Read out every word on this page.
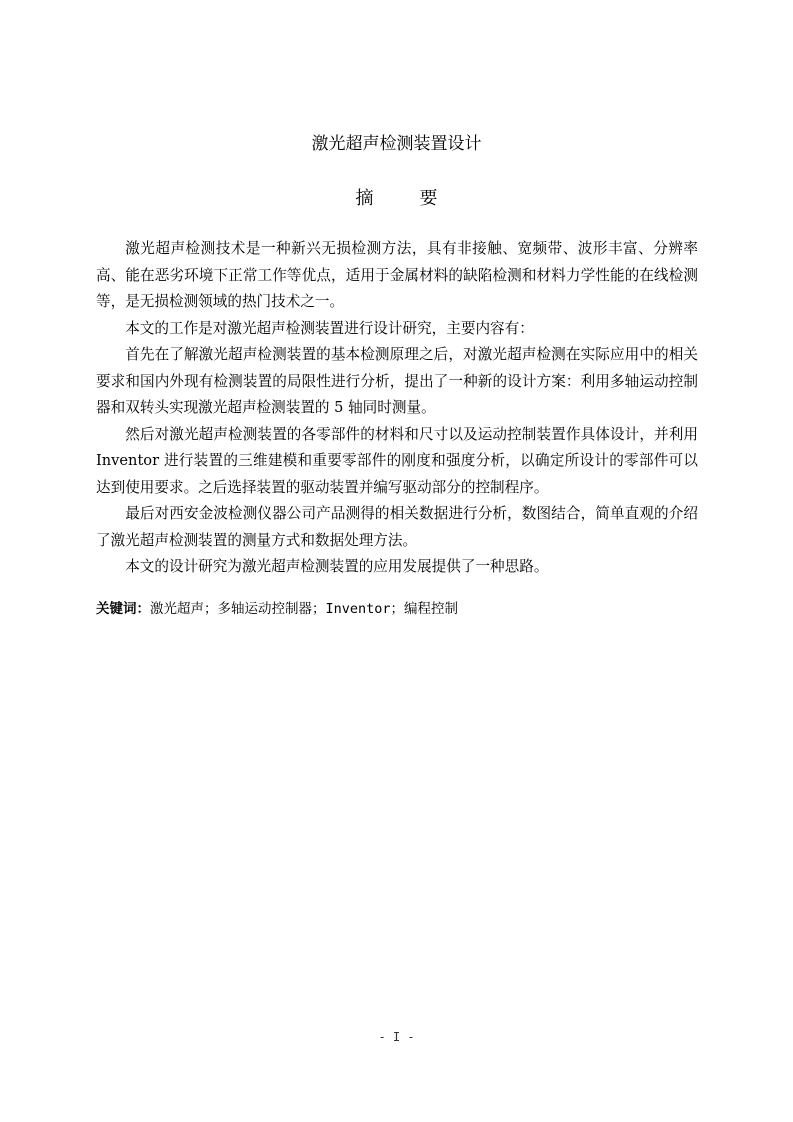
激光超声检测装置设计
摘	要

激光超声检测技术是一种新兴无损检测方法，具有非接触、宽频带、波形丰富、分辨率高、能在恶劣环境下正常工作等优点，适用于金属材料的缺陷检测和材料力学性能的在线检测等，是无损检测领域的热门技术之一。

本文的工作是对激光超声检测装置进行设计研究，主要内容有：

首先在了解激光超声检测装置的基本检测原理之后，对激光超声检测在实际应用中的相关要求和国内外现有检测装置的局限性进行分析，提出了一种新的设计方案：利用多轴运动控制器和双转头实现激光超声检测装置的 5 轴同时测量。

然后对激光超声检测装置的各零部件的材料和尺寸以及运动控制装置作具体设计，并利用 Inventor 进行装置的三维建模和重要零部件的刚度和强度分析，以确定所设计的零部件可以达到使用要求。之后选择装置的驱动装置并编写驱动部分的控制程序。

最后对西安金波检测仪器公司产品测得的相关数据进行分析，数图结合，简单直观的介绍了激光超声检测装置的测量方式和数据处理方法。

本文的设计研究为激光超声检测装置的应用发展提供了一种思路。

关键词：激光超声；多轴运动控制器；Inventor；编程控制
- I -
